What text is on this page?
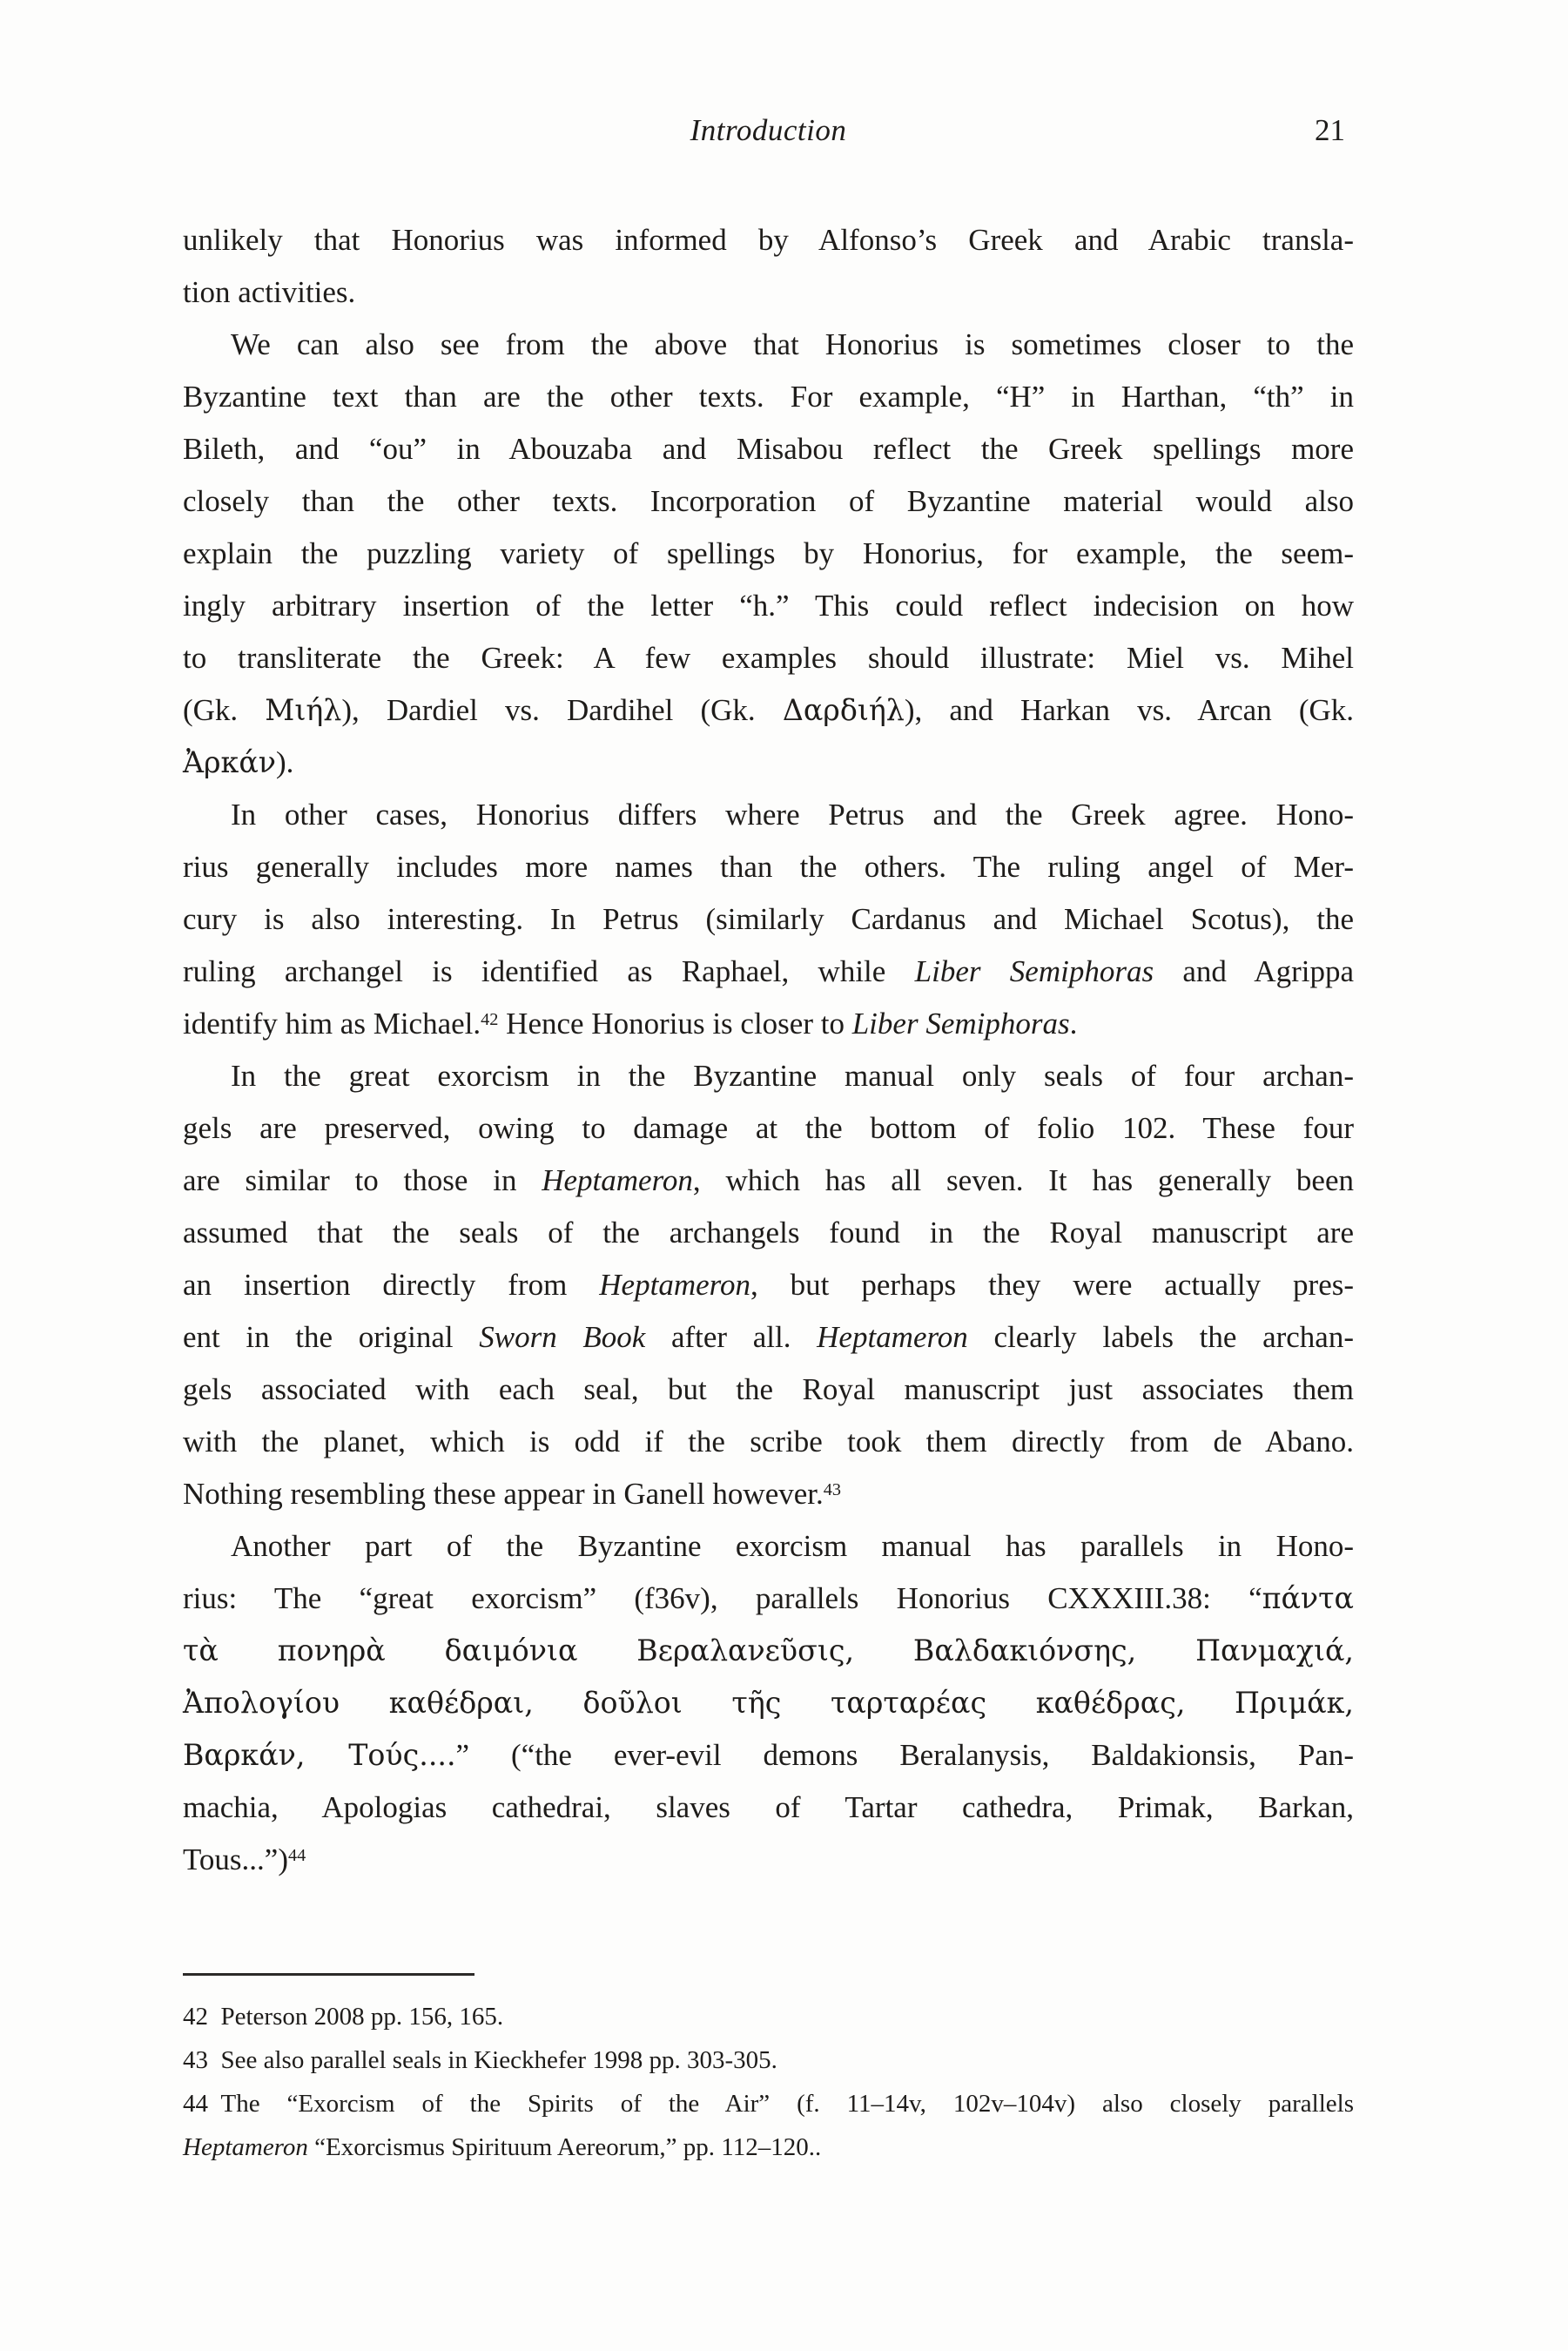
Introduction	21
unlikely that Honorius was informed by Alfonso’s Greek and Arabic transla-
tion activities.
We can also see from the above that Honorius is sometimes closer to the
Byzantine text than are the other texts. For example, “H” in Harthan, “th” in
Bileth, and “ou” in Abouzaba and Misabou reflect the Greek spellings more
closely than the other texts. Incorporation of Byzantine material would also
explain the puzzling variety of spellings by Honorius, for example, the seem-
ingly arbitrary insertion of the letter “h.” This could reflect indecision on how
to transliterate the Greek: A few examples should illustrate: Miel vs. Mihel
(Gk. Μιήλ), Dardiel vs. Dardihel (Gk. Δαρδιήλ), and Harkan vs. Arcan (Gk.
Ἀρκάν).
In other cases, Honorius differs where Petrus and the Greek agree. Hono-
rius generally includes more names than the others. The ruling angel of Mer-
cury is also interesting. In Petrus (similarly Cardanus and Michael Scotus), the
ruling archangel is identified as Raphael, while Liber Semiphoras and Agrippa
identify him as Michael.$^{42}$ Hence Honorius is closer to Liber Semiphoras.
In the great exorcism in the Byzantine manual only seals of four archan-
gels are preserved, owing to damage at the bottom of folio 102. These four
are similar to those in Heptameron, which has all seven. It has generally been
assumed that the seals of the archangels found in the Royal manuscript are
an insertion directly from Heptameron, but perhaps they were actually pres-
ent in the original Sworn Book after all. Heptameron clearly labels the archan-
gels associated with each seal, but the Royal manuscript just associates them
with the planet, which is odd if the scribe took them directly from de Abano.
Nothing resembling these appear in Ganell however.$^{43}$
Another part of the Byzantine exorcism manual has parallels in Hono-
rius: The “great exorcism” (f36v), parallels Honorius CXXXIII.38: “πάντα
τὰ πονηρὰ δαιμόνια Βεραλανεῦσις, Βαλδακιόνσης, Πανμαχιά,
Ἀπολογίου καθέδραι, δοῦλοι τῆς ταρταρέας καθέδρας, Πριμάκ,
Βαρκάν, Τούς....” (“the ever-evil demons Beralanysis, Baldakionsis, Pan-
machia, Apologias cathedrai, slaves of Tartar cathedra, Primak, Barkan,
Tous...”)$^{44}$
42 Peterson 2008 pp. 156, 165.
43 See also parallel seals in Kieckhefer 1998 pp. 303-305.
44 The “Exorcism of the Spirits of the Air” (f. 11–14v, 102v–104v) also closely parallels
Heptameron “Exorcismus Spirituum Aereorum,” pp. 112–120..
